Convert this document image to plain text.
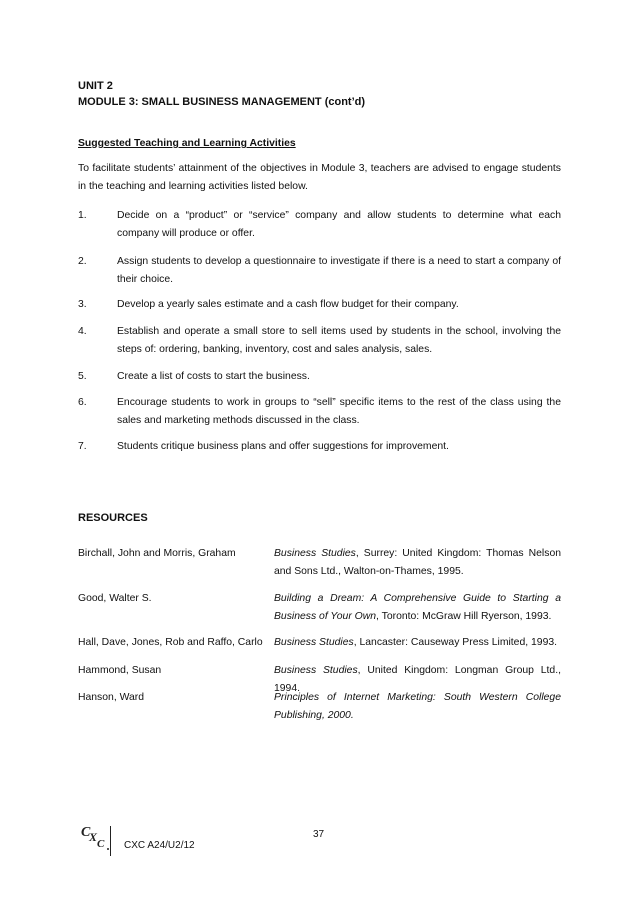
UNIT 2
MODULE 3: SMALL BUSINESS MANAGEMENT (cont’d)
Suggested Teaching and Learning Activities
To facilitate students’ attainment of the objectives in Module 3, teachers are advised to engage students in the teaching and learning activities listed below.
1.	Decide on a “product” or “service” company and allow students to determine what each company will produce or offer.
2.	Assign students to develop a questionnaire to investigate if there is a need to start a company of their choice.
3.	Develop a yearly sales estimate and a cash flow budget for their company.
4.	Establish and operate a small store to sell items used by students in the school, involving the steps of: ordering, banking, inventory, cost and sales analysis, sales.
5.	Create a list of costs to start the business.
6.	Encourage students to work in groups to “sell” specific items to the rest of the class using the sales and marketing methods discussed in the class.
7.	Students critique business plans and offer suggestions for improvement.
RESOURCES
Birchall, John and Morris, Graham	Business Studies, Surrey: United Kingdom: Thomas Nelson and Sons Ltd., Walton-on-Thames, 1995.
Good, Walter S.	Building a Dream: A Comprehensive Guide to Starting a Business of Your Own, Toronto: McGraw Hill Ryerson, 1993.
Hall, Dave, Jones, Rob and Raffo, Carlo	Business Studies, Lancaster: Causeway Press Limited, 1993.
Hammond, Susan	Business Studies, United Kingdom: Longman Group Ltd., 1994.
Hanson, Ward	Principles of Internet Marketing: South Western College Publishing, 2000.
37
C
X C CXC A24/U2/12
